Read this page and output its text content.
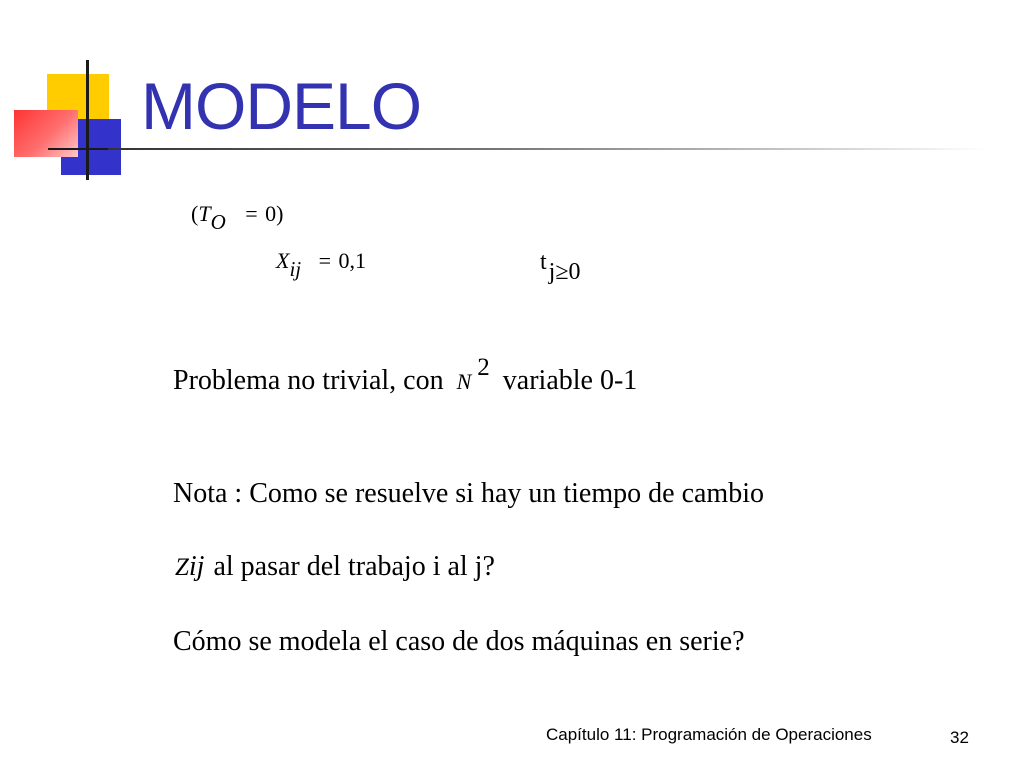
MODELO
(TO = 0)
Xij = 0,1	tj≥0
Problema no trivial, con N2 variable 0-1
Nota : Como se resuelve si hay un tiempo de cambio
Zij al pasar del trabajo i al j?
Cómo se modela el caso de dos máquinas en serie?
Capítulo 11: Programación de Operaciones	32
